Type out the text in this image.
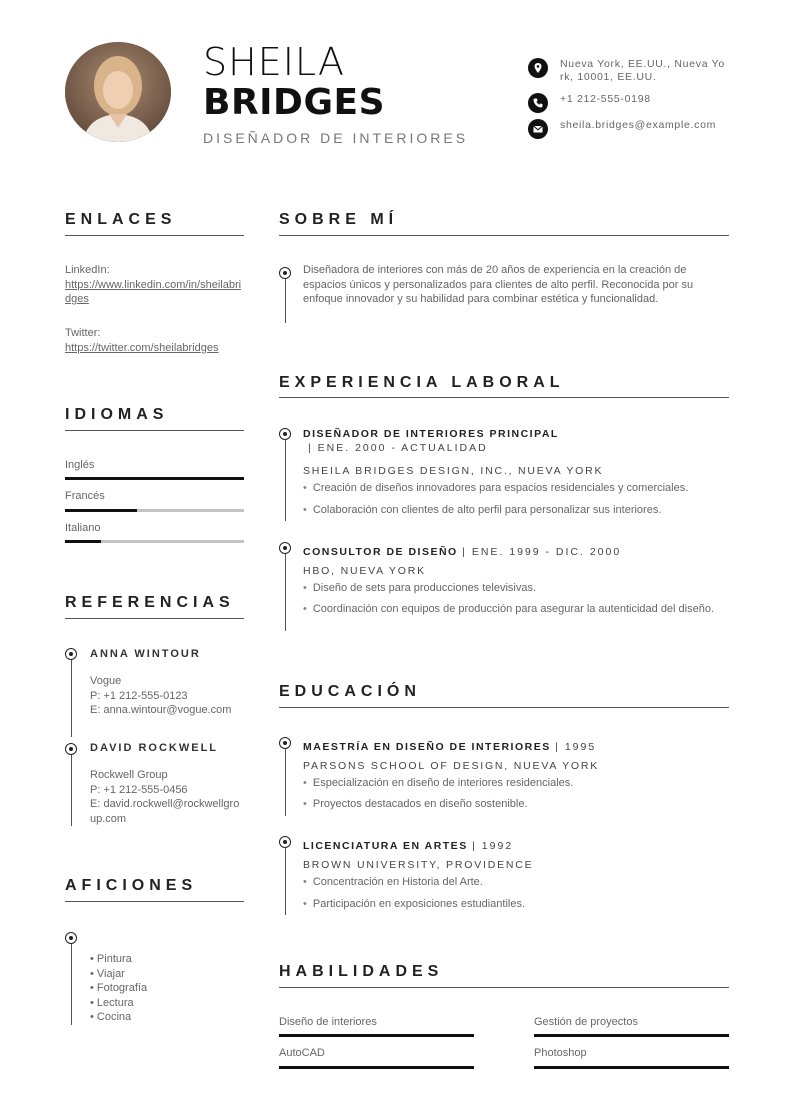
SHEILA
BRIDGES
DISEÑADOR DE INTERIORES
Nueva York, EE.UU., Nueva York, 10001, EE.UU.
+1 212-555-0198
sheila.bridges@example.com
ENLACES
LinkedIn:
https://www.linkedin.com/in/sheilabridges
Twitter:
https://twitter.com/sheilabridges
IDIOMAS
Inglés
Francés
Italiano
REFERENCIAS
ANNA WINTOUR
Vogue
P: +1 212-555-0123
E: anna.wintour@vogue.com
DAVID ROCKWELL
Rockwell Group
P: +1 212-555-0456
E: david.rockwell@rockwellgroup.com
AFICIONES
• Pintura
• Viajar
• Fotografía
• Lectura
• Cocina
SOBRE MÍ
Diseñadora de interiores con más de 20 años de experiencia en la creación de espacios únicos y personalizados para clientes de alto perfil. Reconocida por su enfoque innovador y su habilidad para combinar estética y funcionalidad.
EXPERIENCIA LABORAL
DISEÑADOR DE INTERIORES PRINCIPAL
| ENE. 2000 - ACTUALIDAD
SHEILA BRIDGES DESIGN, INC., NUEVA YORK
• Creación de diseños innovadores para espacios residenciales y comerciales.
• Colaboración con clientes de alto perfil para personalizar sus interiores.
CONSULTOR DE DISEÑO | ENE. 1999 - DIC. 2000
HBO, NUEVA YORK
• Diseño de sets para producciones televisivas.
• Coordinación con equipos de producción para asegurar la autenticidad del diseño.
EDUCACIÓN
MAESTRÍA EN DISEÑO DE INTERIORES | 1995
PARSONS SCHOOL OF DESIGN, NUEVA YORK
• Especialización en diseño de interiores residenciales.
• Proyectos destacados en diseño sostenible.
LICENCIATURA EN ARTES | 1992
BROWN UNIVERSITY, PROVIDENCE
• Concentración en Historia del Arte.
• Participación en exposiciones estudiantiles.
HABILIDADES
Diseño de interiores	Gestión de proyectos
AutoCAD	Photoshop
